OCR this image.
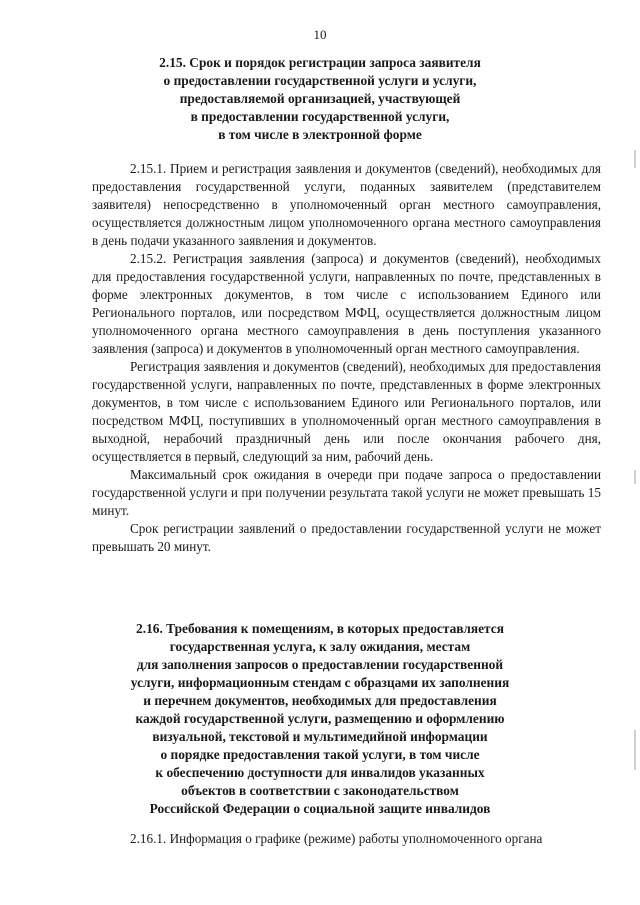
10

2.15. Срок и порядок регистрации запроса заявителя
о предоставлении государственной услуги и услуги,
предоставляемой организацией, участвующей
в предоставлении государственной услуги,
в том числе в электронной форме

2.15.1. Прием и регистрация заявления и документов (сведений), необходимых для предоставления государственной услуги, поданных заявителем (представителем заявителя) непосредственно в уполномоченный орган местного самоуправления, осуществляется должностным лицом уполномоченного органа местного самоуправления в день подачи указанного заявления и документов.

2.15.2. Регистрация заявления (запроса) и документов (сведений), необходимых для предоставления государственной услуги, направленных по почте, представленных в форме электронных документов, в том числе с использованием Единого или Регионального порталов, или посредством МФЦ, осуществляется должностным лицом уполномоченного органа местного самоуправления в день поступления указанного заявления (запроса) и документов в уполномоченный орган местного самоуправления.

Регистрация заявления и документов (сведений), необходимых для предоставления государственной услуги, направленных по почте, представленных в форме электронных документов, в том числе с использованием Единого или Регионального порталов, или посредством МФЦ, поступивших в уполномоченный орган местного самоуправления в выходной, нерабочий праздничный день или после окончания рабочего дня, осуществляется в первый, следующий за ним, рабочий день.

Максимальный срок ожидания в очереди при подаче запроса о предоставлении государственной услуги и при получении результата такой услуги не может превышать 15 минут.

Срок регистрации заявлений о предоставлении государственной услуги не может превышать 20 минут.

2.16. Требования к помещениям, в которых предоставляется
государственная услуга, к залу ожидания, местам
для заполнения запросов о предоставлении государственной
услуги, информационным стендам с образцами их заполнения
и перечнем документов, необходимых для предоставления
каждой государственной услуги, размещению и оформлению
визуальной, текстовой и мультимедийной информации
о порядке предоставления такой услуги, в том числе
к обеспечению доступности для инвалидов указанных
объектов в соответствии с законодательством
Российской Федерации о социальной защите инвалидов

2.16.1. Информация о графике (режиме) работы уполномоченного органа
